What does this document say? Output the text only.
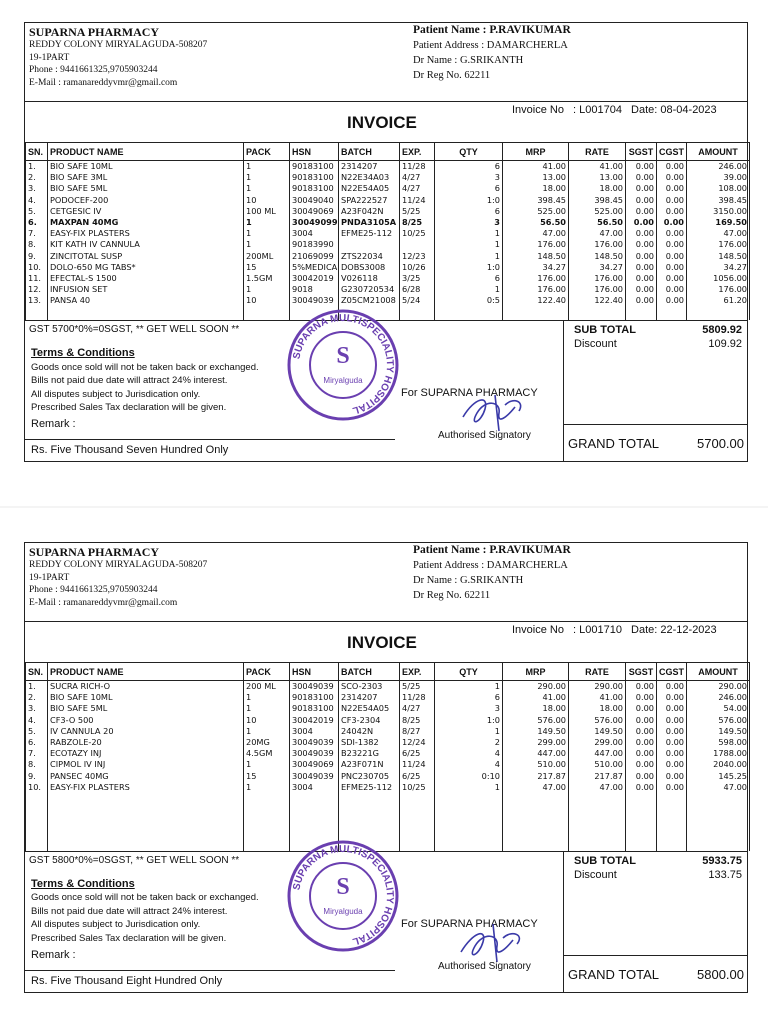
SUPARNA PHARMACY
REDDY COLONY MIRYALAGUDA-508207
19-1PART
Phone : 9441661325,9705903244
E-Mail : ramanareddyvmr@gmail.com
Patient Name : P.RAVIKUMAR
Patient Address : DAMARCHERLA
Dr Name : G.SRIKANTH
Dr Reg No. 62211
Invoice No : L001704 Date: 08-04-2023
INVOICE
SN.	PRODUCT NAME	PACK	HSN	BATCH	EXP.	QTY	MRP	RATE	SGST	CGST	AMOUNT
1.	BIO SAFE 10ML	1	90183100	2314207	11/28	6	41.00	41.00	0.00	0.00	246.00
2.	BIO SAFE 3ML	1	90183100	N22E34A03	4/27	3	13.00	13.00	0.00	0.00	39.00
3.	BIO SAFE 5ML	1	90183100	N22E54A05	4/27	6	18.00	18.00	0.00	0.00	108.00
4.	PODOCEF-200	10	30049040	SPA222527	11/24	1:0	398.45	398.45	0.00	0.00	398.45
5.	CETGESIC IV	100 ML	30049069	A23F042N	5/25	6	525.00	525.00	0.00	0.00	3150.00
6.	MAXPAN 40MG	1	30049099	PNDA3105A	8/25	3	56.50	56.50	0.00	0.00	169.50
7.	EASY-FIX PLASTERS	1	3004	EFME25-112	10/25	1	47.00	47.00	0.00	0.00	47.00
8.	KIT KATH IV CANNULA	1	90183990			1	176.00	176.00	0.00	0.00	176.00
9.	ZINCITOTAL SUSP	200ML	21069099	ZTS22034	12/23	1	148.50	148.50	0.00	0.00	148.50
10.	DOLO-650 MG TABS*	15	5%MEDICA	DOBS3008	10/26	1:0	34.27	34.27	0.00	0.00	34.27
11.	EFECTAL-S 1500	1.5GM	30042019	V026118	3/25	6	176.00	176.00	0.00	0.00	1056.00
12.	INFUSION SET	1	9018	G230720534	6/28	1	176.00	176.00	0.00	0.00	176.00
13.	PANSA 40	10	30049039	Z05CM21008	5/24	0:5	122.40	122.40	0.00	0.00	61.20

GST 5700*0%=0SGST, ** GET WELL SOON **
Terms & Conditions
Goods once sold will not be taken back or exchanged.
Bills not paid due date will attract 24% interest.
All disputes subject to Jurisdication only.
Prescribed Sales Tax declaration will be given.
Remark :
Rs. Five Thousand Seven Hundred Only
SUPARNA MULTISPECIALITY HOSPITAL
S
Miryalguda
For SUPARNA PHARMACY
Authorised Signatory
SUB TOTAL	5809.92
Discount	109.92
GRAND TOTAL	5700.00
SUPARNA PHARMACY
REDDY COLONY MIRYALAGUDA-508207
19-1PART
Phone : 9441661325,9705903244
E-Mail : ramanareddyvmr@gmail.com
Patient Name : P.RAVIKUMAR
Patient Address : DAMARCHERLA
Dr Name : G.SRIKANTH
Dr Reg No. 62211
Invoice No : L001710 Date: 22-12-2023
INVOICE
SN.	PRODUCT NAME	PACK	HSN	BATCH	EXP.	QTY	MRP	RATE	SGST	CGST	AMOUNT
1.	SUCRA RICH-O	200 ML	30049039	SCO-2303	5/25	1	290.00	290.00	0.00	0.00	290.00
2.	BIO SAFE 10ML	1	90183100	2314207	11/28	6	41.00	41.00	0.00	0.00	246.00
3.	BIO SAFE 5ML	1	90183100	N22E54A05	4/27	3	18.00	18.00	0.00	0.00	54.00
4.	CF3-O 500	10	30042019	CF3-2304	8/25	1:0	576.00	576.00	0.00	0.00	576.00
5.	IV CANNULA 20	1	3004	24042N	8/27	1	149.50	149.50	0.00	0.00	149.50
6.	RABZOLE-20	20MG	30049039	SDI-1382	12/24	2	299.00	299.00	0.00	0.00	598.00
7.	ECOTAZY INJ	4.5GM	30049039	B23221G	6/25	4	447.00	447.00	0.00	0.00	1788.00
8.	CIPMOL IV INJ	1	30049069	A23F071N	11/24	4	510.00	510.00	0.00	0.00	2040.00
9.	PANSEC 40MG	15	30049039	PNC230705	6/25	0:10	217.87	217.87	0.00	0.00	145.25
10.	EASY-FIX PLASTERS	1	3004	EFME25-112	10/25	1	47.00	47.00	0.00	0.00	47.00

GST 5800*0%=0SGST, ** GET WELL SOON **
Terms & Conditions
Goods once sold will not be taken back or exchanged.
Bills not paid due date will attract 24% interest.
All disputes subject to Jurisdication only.
Prescribed Sales Tax declaration will be given.
Remark :
Rs. Five Thousand Eight Hundred Only
SUPARNA MULTISPECIALITY HOSPITAL
S
Miryalguda
For SUPARNA PHARMACY
Authorised Signatory
SUB TOTAL	5933.75
Discount	133.75
GRAND TOTAL	5800.00
